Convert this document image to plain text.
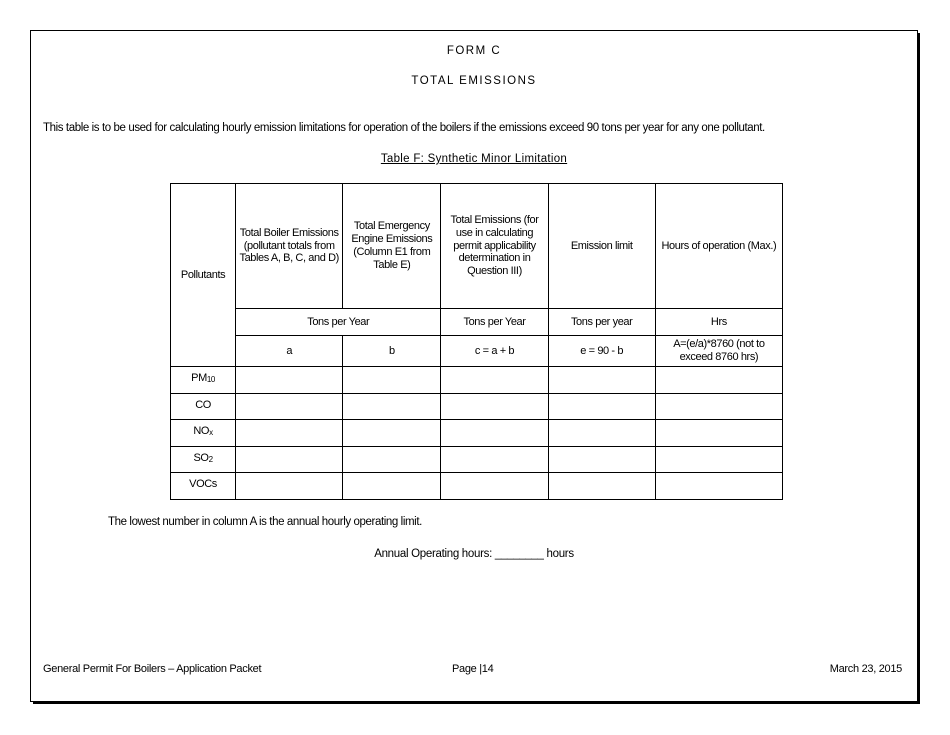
FORM C
TOTAL EMISSIONS
This table is to be used for calculating hourly emission limitations for operation of the boilers if the emissions exceed 90 tons per year for any one pollutant.
Table F: Synthetic Minor Limitation
Pollutants	Total Boiler Emissions (pollutant totals from Tables A, B, C, and D)	Total Emergency Engine Emissions (Column E1 from Table E)	Total Emissions (for use in calculating permit applicability determination in Question III)	Emission limit	Hours of operation (Max.)
	Tons per Year		Tons per Year	Tons per year	Hrs
	a	b	c = a + b	e = 90 - b	A=(e/a)*8760 (not to exceed 8760 hrs)
$PM_{10}$					
CO					
$NO_x$					
$SO_2$					
VOCs					
The lowest number in column A is the annual hourly operating limit.
Annual Operating hours: ________ hours
General Permit For Boilers – Application Packet	Page |14	March 23, 2015
